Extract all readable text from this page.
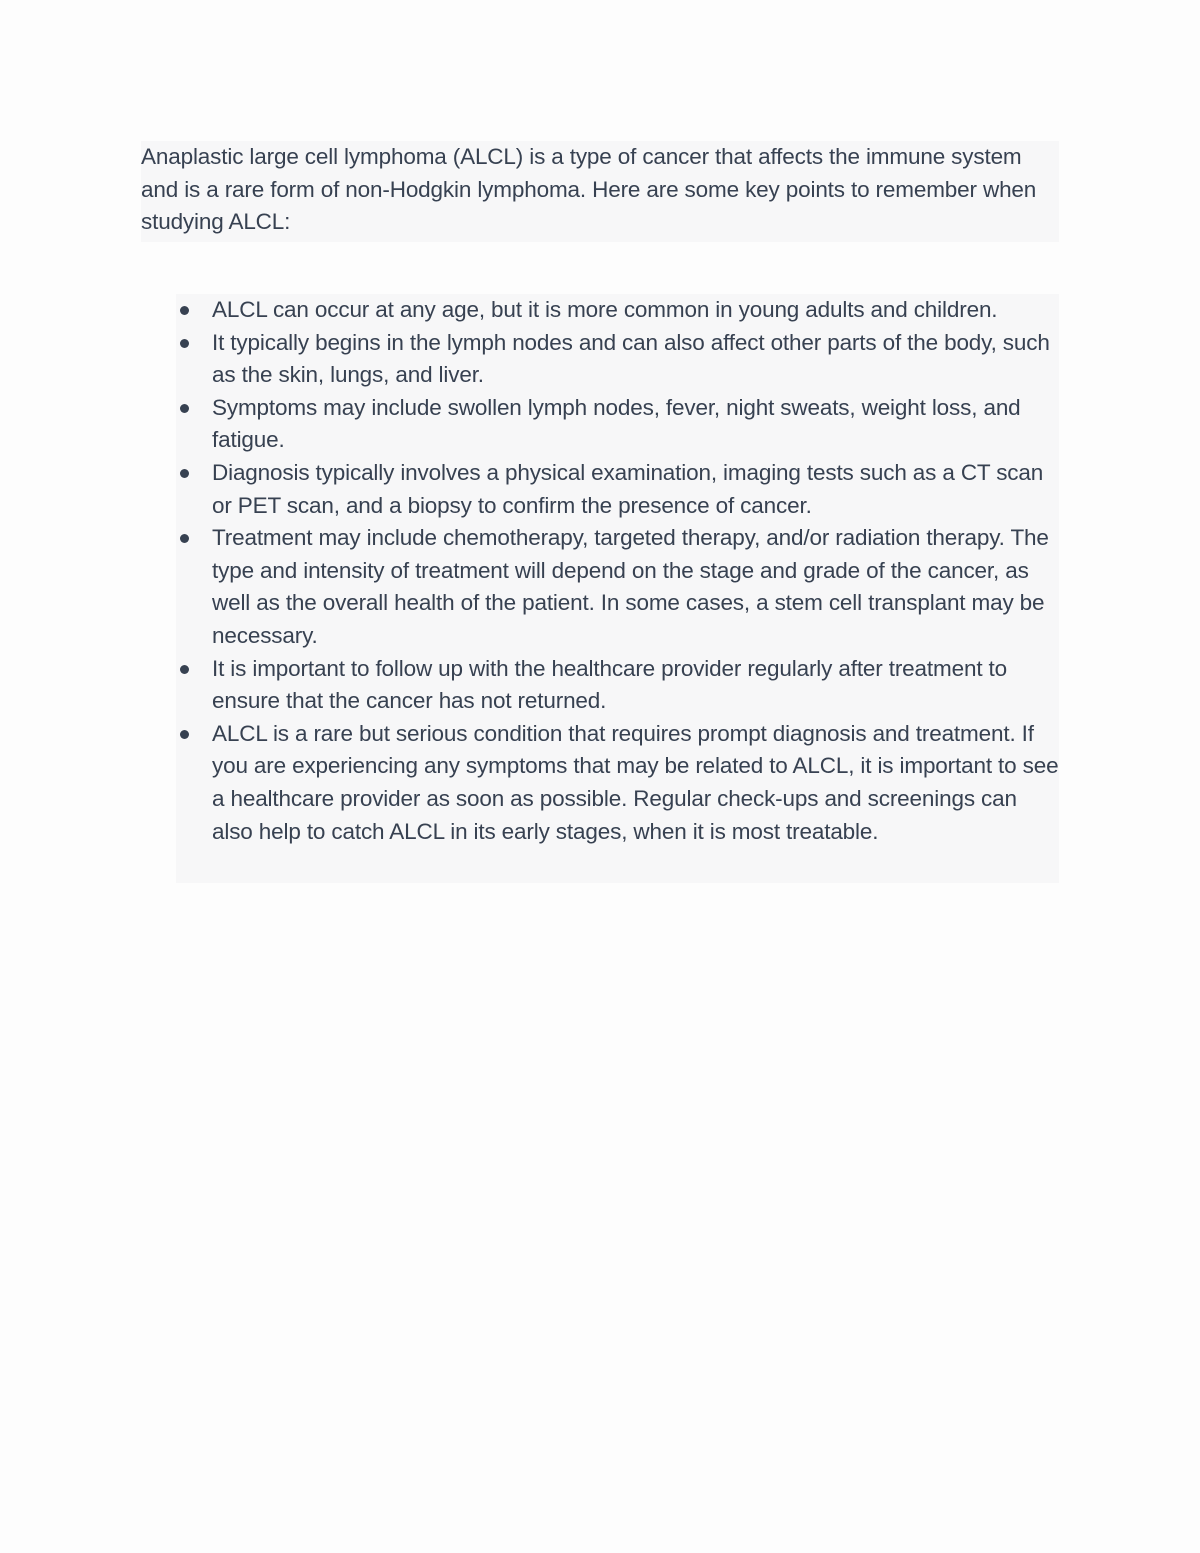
Anaplastic large cell lymphoma (ALCL) is a type of cancer that affects the immune system and is a rare form of non-Hodgkin lymphoma. Here are some key points to remember when studying ALCL:

ALCL can occur at any age, but it is more common in young adults and children.
It typically begins in the lymph nodes and can also affect other parts of the body, such as the skin, lungs, and liver.
Symptoms may include swollen lymph nodes, fever, night sweats, weight loss, and fatigue.
Diagnosis typically involves a physical examination, imaging tests such as a CT scan or PET scan, and a biopsy to confirm the presence of cancer.
Treatment may include chemotherapy, targeted therapy, and/or radiation therapy. The type and intensity of treatment will depend on the stage and grade of the cancer, as well as the overall health of the patient. In some cases, a stem cell transplant may be necessary.
It is important to follow up with the healthcare provider regularly after treatment to ensure that the cancer has not returned.
ALCL is a rare but serious condition that requires prompt diagnosis and treatment. If you are experiencing any symptoms that may be related to ALCL, it is important to see a healthcare provider as soon as possible. Regular check-ups and screenings can also help to catch ALCL in its early stages, when it is most treatable.
